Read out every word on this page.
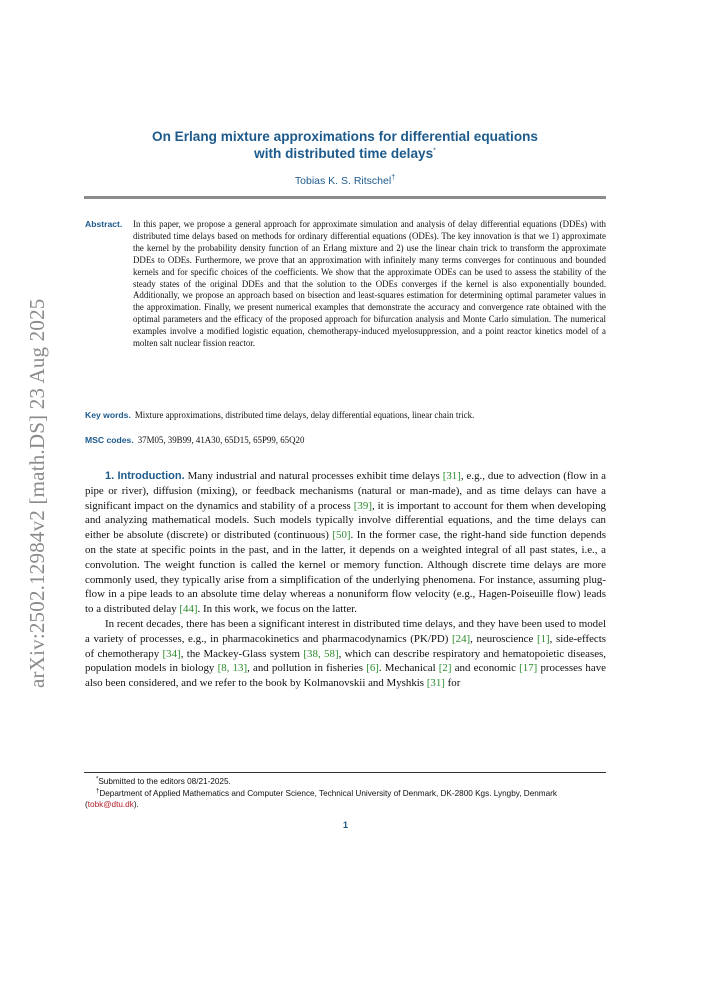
arXiv:2502.12984v2 [math.DS] 23 Aug 2025
On Erlang mixture approximations for differential equations
with distributed time delays*
Tobias K. S. Ritschel†
Abstract. In this paper, we propose a general approach for approximate simulation and analysis of delay differential equations (DDEs) with distributed time delays based on methods for ordinary differential equations (ODEs). The key innovation is that we 1) approximate the kernel by the probability density function of an Erlang mixture and 2) use the linear chain trick to transform the approximate DDEs to ODEs. Furthermore, we prove that an approximation with infinitely many terms converges for continuous and bounded kernels and for specific choices of the coefficients. We show that the approximate ODEs can be used to assess the stability of the steady states of the original DDEs and that the solution to the ODEs converges if the kernel is also exponentially bounded. Additionally, we propose an approach based on bisection and least-squares estimation for determining optimal parameter values in the approximation. Finally, we present numerical examples that demonstrate the accuracy and convergence rate obtained with the optimal parameters and the efficacy of the proposed approach for bifurcation analysis and Monte Carlo simulation. The numerical examples involve a modified logistic equation, chemotherapy-induced myelosuppression, and a point reactor kinetics model of a molten salt nuclear fission reactor.
Key words. Mixture approximations, distributed time delays, delay differential equations, linear chain trick.
MSC codes. 37M05, 39B99, 41A30, 65D15, 65P99, 65Q20

1. Introduction. Many industrial and natural processes exhibit time delays [31], e.g., due to advection (flow in a pipe or river), diffusion (mixing), or feedback mechanisms (natural or man-made), and as time delays can have a significant impact on the dynamics and stability of a process [39], it is important to account for them when developing and analyzing mathematical models. Such models typically involve differential equations, and the time delays can either be absolute (discrete) or distributed (continuous) [50]. In the former case, the right-hand side function depends on the state at specific points in the past, and in the latter, it depends on a weighted integral of all past states, i.e., a convolution. The weight function is called the kernel or memory function. Although discrete time delays are more commonly used, they typically arise from a simplification of the underlying phenomena. For instance, assuming plug-flow in a pipe leads to an absolute time delay whereas a nonuniform flow velocity (e.g., Hagen-Poiseuille flow) leads to a distributed delay [44]. In this work, we focus on the latter.

In recent decades, there has been a significant interest in distributed time delays, and they have been used to model a variety of processes, e.g., in pharmacokinetics and pharmacodynamics (PK/PD) [24], neuroscience [1], side-effects of chemotherapy [34], the Mackey-Glass system [38, 58], which can describe respiratory and hematopoietic diseases, population models in biology [8, 13], and pollution in fisheries [6]. Mechanical [2] and economic [17] processes have also been considered, and we refer to the book by Kolmanovskii and Myshkis [31] for

*Submitted to the editors 08/21-2025.
†Department of Applied Mathematics and Computer Science, Technical University of Denmark, DK-2800 Kgs. Lyngby, Denmark (tobk@dtu.dk).
1
